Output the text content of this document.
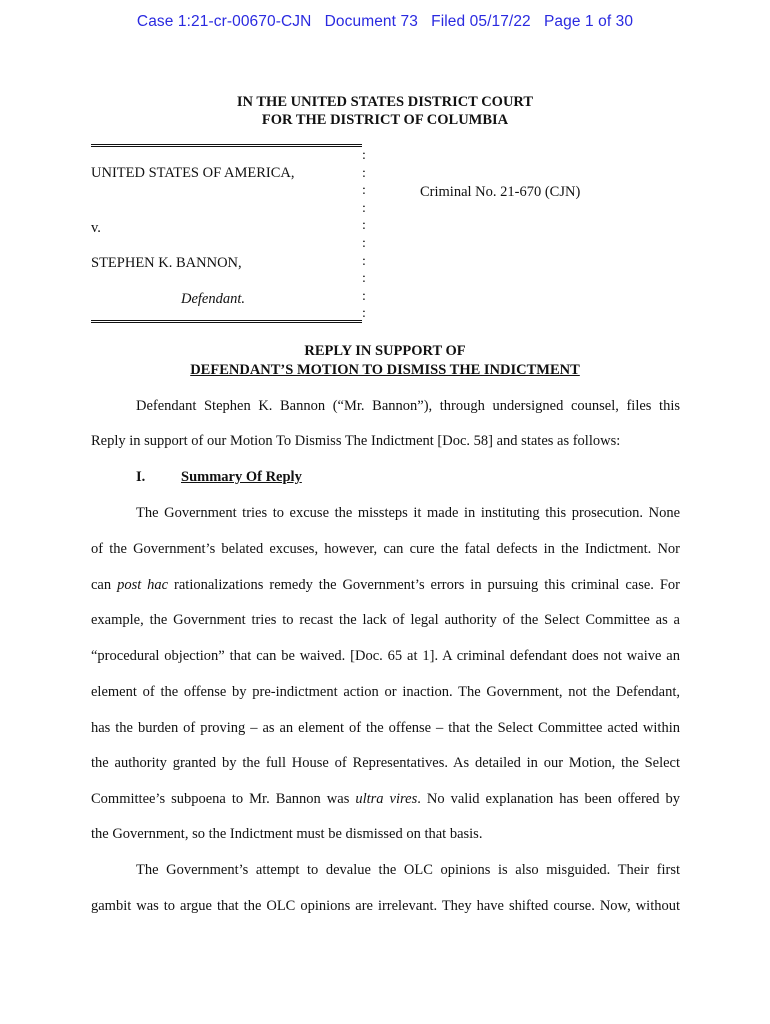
Case 1:21-cr-00670-CJN   Document 73   Filed 05/17/22   Page 1 of 30
IN THE UNITED STATES DISTRICT COURT
FOR THE DISTRICT OF COLUMBIA
UNITED STATES OF AMERICA,
v.
STEPHEN K. BANNON,
Defendant.
Criminal No. 21-670 (CJN)
:
:
:
:
:
:
:
:
:
:
REPLY IN SUPPORT OF
DEFENDANT’S MOTION TO DISMISS THE INDICTMENT
Defendant Stephen K. Bannon (“Mr. Bannon”), through undersigned counsel, files this
Reply in support of our Motion To Dismiss The Indictment [Doc. 58] and states as follows:
I. Summary Of Reply
The Government tries to excuse the missteps it made in instituting this prosecution. None
of the Government’s belated excuses, however, can cure the fatal defects in the Indictment. Nor
can post hac rationalizations remedy the Government’s errors in pursuing this criminal case. For
example, the Government tries to recast the lack of legal authority of the Select Committee as a
“procedural objection” that can be waived. [Doc. 65 at 1]. A criminal defendant does not waive an
element of the offense by pre-indictment action or inaction. The Government, not the Defendant,
has the burden of proving – as an element of the offense – that the Select Committee acted within
the authority granted by the full House of Representatives. As detailed in our Motion, the Select
Committee’s subpoena to Mr. Bannon was ultra vires. No valid explanation has been offered by
the Government, so the Indictment must be dismissed on that basis.
The Government’s attempt to devalue the OLC opinions is also misguided. Their first
gambit was to argue that the OLC opinions are irrelevant. They have shifted course. Now, without
